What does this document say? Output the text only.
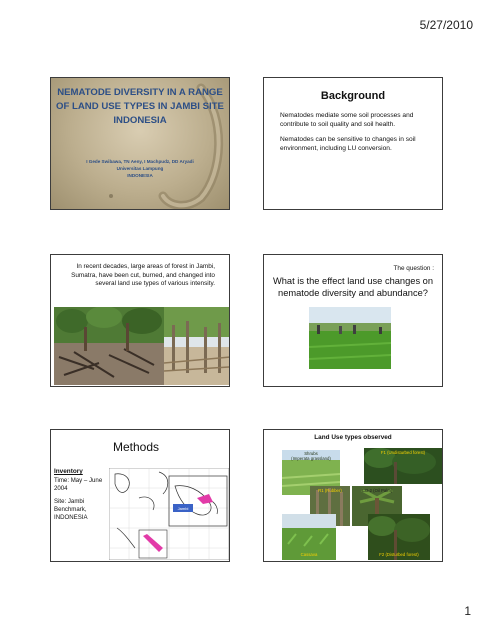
5/27/2010
NEMATODE DIVERSITY IN A RANGE
OF LAND USE TYPES IN JAMBI SITE
INDONESIA
I Gede Swibawa, TN Aeny, I Machpudz, DD Aryadi
Universitas Lampung
INDONESIA
Background
Nematodes mediate some soil processes and contribute to soil quality and soil health.
Nematodes can be sensitive to changes in soil environment, including LU conversion.
In recent decades, large areas of forest in Jambi, Sumatra, have been cut, burned, and changed into several land use types of various intensity.
The question :
What is the effect land use changes on nematode diversity and abundance?
Methods
Inventory
Time: May – June
2004
Site: Jambi
Benchmark,
INDONESIA
Jambi
Land Use types observed
Shrubs
(Imperata grassland)
F1 (Undisturbed forest)
R1 (Rubber)	CO-2 (Oil Palm)
Cassava	F2 (Disturbed forest)
1
